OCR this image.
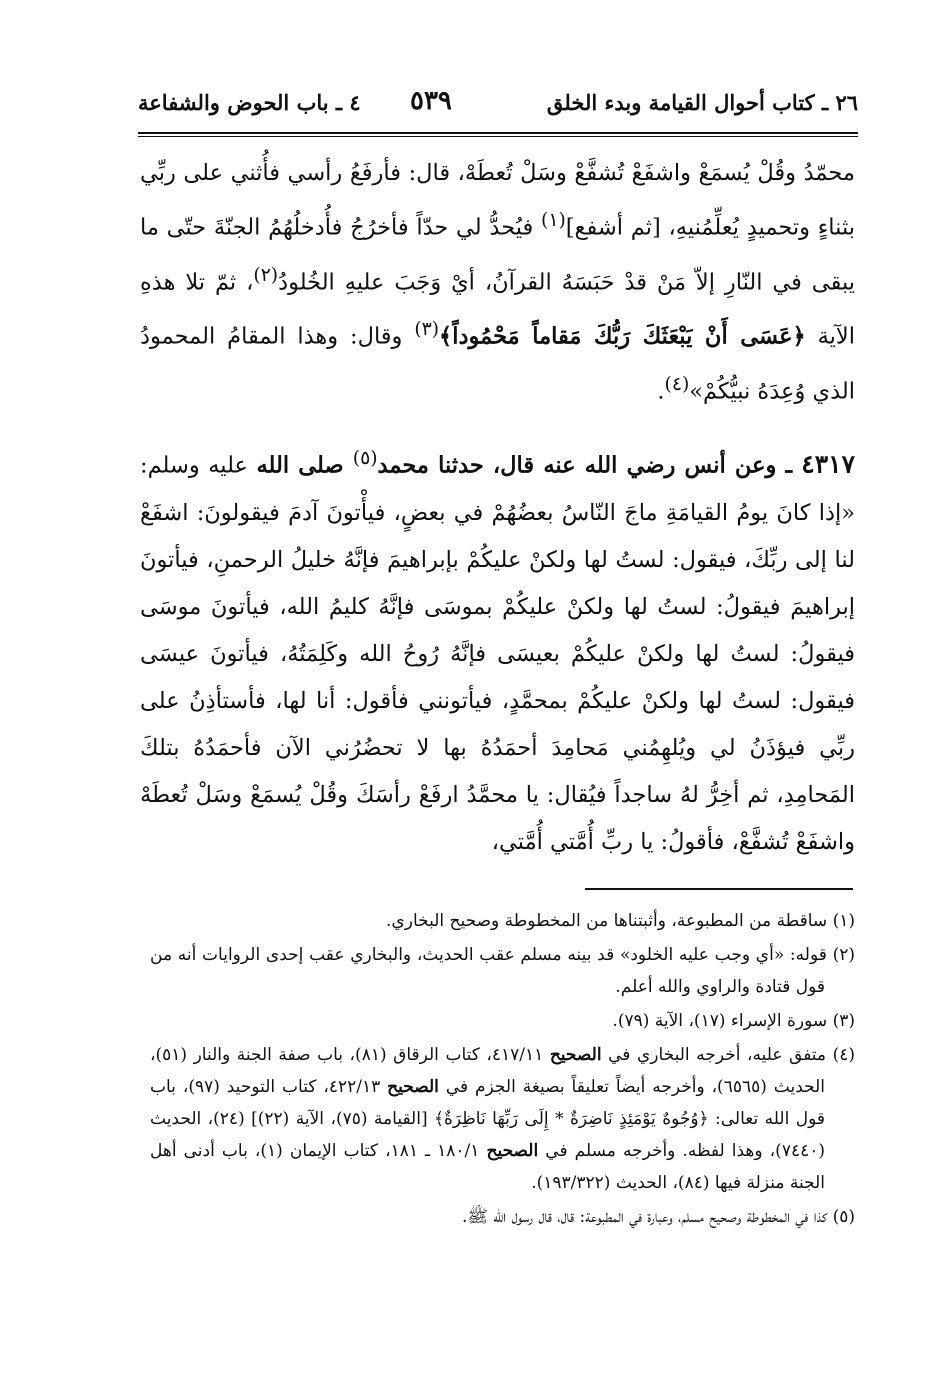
٢٦ ـ كتاب أحوال القيامة وبدء الخلق
٥٣٩
٤ ـ باب الحوض والشفاعة

محمّدُ وقُلْ يُسمَعْ واشفَعْ تُشفَّعْ وسَلْ تُعطَهْ، قال: فأرفَعُ رأسي فأُثني على ربِّي بثناءٍ وتحميدٍ يُعلِّمُنيهِ، [ثم أشفع]$^{(١)}$ فيُحدُّ لي حدّاً فأخرُجُ فأُدخلُهُمُ الجنّةَ حتّى ما يبقى في النّارِ إلاّ مَنْ قدْ حَبَسَهُ القرآنُ، أيْ وَجَبَ عليهِ الخُلودُ$^{(٢)}$، ثمّ تلا هذهِ الآية ﴿عَسَى أَنْ يَبْعَثَكَ رَبُّكَ مَقاماً مَحْمُوداً﴾$^{(٣)}$ وقال: وهذا المقامُ المحمودُ الذي وُعِدَهُ نبيُّكُمْ»$^{(٤)}$.

٤٣١٧ ـ وعن أنس رضي الله عنه قال، حدثنا محمد$^{(٥)}$ صلى الله عليه وسلم: «إذا كانَ يومُ القيامَةِ ماجَ النّاسُ بعضُهُمْ في بعضٍ، فيأْتونَ آدمَ فيقولونَ: اشفَعْ لنا إلى ربِّكَ، فيقول: لستُ لها ولكنْ عليكُمْ بإبراهيمَ فإنَّهُ خليلُ الرحمنِ، فيأتونَ إبراهيمَ فيقولُ: لستُ لها ولكنْ عليكُمْ بموسَى فإنَّهُ كليمُ الله، فيأتونَ موسَى فيقولُ: لستُ لها ولكنْ عليكُمْ بعيسَى فإنَّهُ رُوحُ الله وكَلِمَتُهُ، فيأتونَ عيسَى فيقول: لستُ لها ولكنْ عليكُمْ بمحمَّدٍ، فيأتونني فأقول: أنا لها، فأستأذِنُ على ربِّي فيؤذَنُ لي ويُلهِمُني مَحامِدَ أحمَدُهُ بها لا تحضُرُني الآن فأحمَدُهُ بتلكَ المَحامِدِ، ثم أخِرُّ لهُ ساجداً فيُقال: يا محمَّدُ ارفَعْ رأسَكَ وقُلْ يُسمَعْ وسَلْ تُعطَهْ واشفَعْ تُشفَّعْ، فأقولُ: يا ربِّ أُمَّتي أُمَّتي،

(١) ساقطة من المطبوعة، وأثبتناها من المخطوطة وصحيح البخاري.

(٢) قوله: «أي وجب عليه الخلود» قد بينه مسلم عقب الحديث، والبخاري عقب إحدى الروايات أنه من قول قتادة والراوي والله أعلم.

(٣) سورة الإسراء (١٧)، الآية (٧٩).

(٤) متفق عليه، أخرجه البخاري في الصحيح ٤١٧/١١، كتاب الرقاق (٨١)، باب صفة الجنة والنار (٥١)، الحديث (٦٥٦٥)، وأخرجه أيضاً تعليقاً بصيغة الجزم في الصحيح ٤٢٢/١٣، كتاب التوحيد (٩٧)، باب قول الله تعالى: ﴿وُجُوهٌ يَوْمَئِذٍ نَاضِرَةٌ * إِلَى رَبِّهَا نَاظِرَةٌ﴾ [القيامة (٧٥)، الآية (٢٢)] (٢٤)، الحديث (٧٤٤٠)، وهذا لفظه. وأخرجه مسلم في الصحيح ١٨٠/١ ـ ١٨١، كتاب الإيمان (١)، باب أدنى أهل الجنة منزلة فيها (٨٤)، الحديث (١٩٣/٣٢٢).

(٥) كذا في المخطوطة وصحيح مسلم، وعبارة في المطبوعة: قال، قال رسول الله ﷺ.
